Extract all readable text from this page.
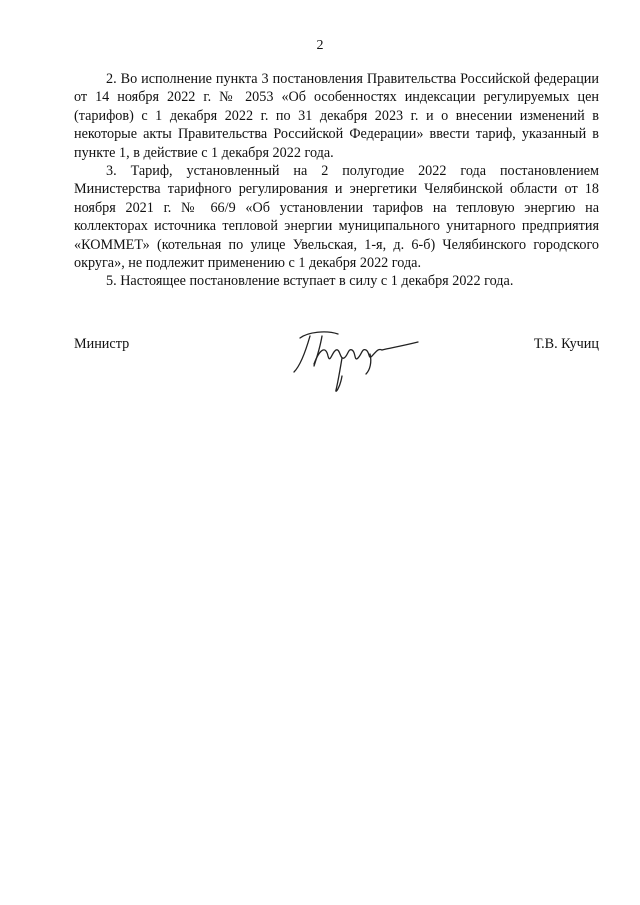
2

2. Во исполнение пункта 3 постановления Правительства Российской федерации от 14 ноября 2022 г. № 2053 «Об особенностях индексации регулируемых цен (тарифов) с 1 декабря 2022 г. по 31 декабря 2023 г. и о внесении изменений в некоторые акты Правительства Российской Федерации» ввести тариф, указанный в пункте 1, в действие с 1 декабря 2022 года.

3. Тариф, установленный на 2 полугодие 2022 года постановлением Министерства тарифного регулирования и энергетики Челябинской области от 18 ноября 2021 г. № 66/9 «Об установлении тарифов на тепловую энергию на коллекторах источника тепловой энергии муниципального унитарного предприятия «КОММЕТ» (котельная по улице Увельская, 1-я, д. 6-б) Челябинского городского округа», не подлежит применению с 1 декабря 2022 года.

5. Настоящее постановление вступает в силу с 1 декабря 2022 года.

Министр	Т.В. Кучиц
